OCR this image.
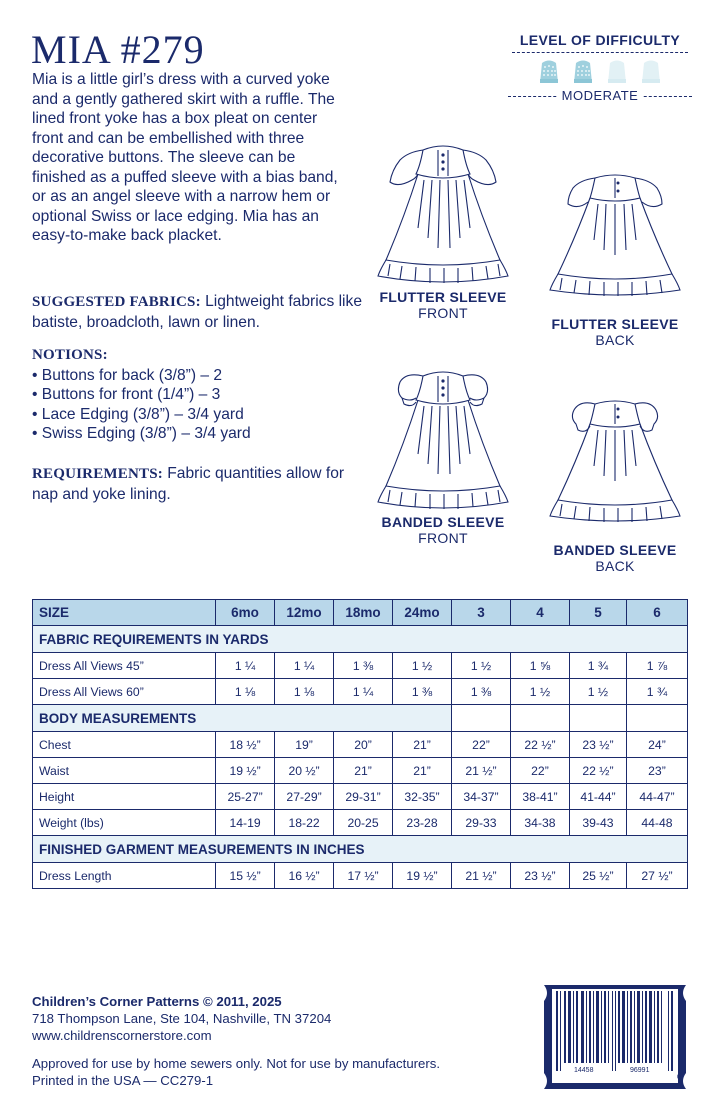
MIA #279

Mia is a little girl’s dress with a curved yoke and a gently gathered skirt with a ruffle. The lined front yoke has a box pleat on center front and can be embellished with three decorative buttons. The sleeve can be finished as a puffed sleeve with a bias band, or as an angel sleeve with a narrow hem or optional Swiss or lace edging. Mia has an easy-to-make back placket.

SUGGESTED FABRICS: Lightweight fabrics like batiste, broadcloth, lawn or linen.

NOTIONS:
• Buttons for back (3/8”) – 2
• Buttons for front (1/4”) – 3
• Lace Edging (3/8”) – 3/4 yard
• Swiss Edging (3/8”) – 3/4 yard

REQUIREMENTS: Fabric quantities allow for nap and yoke lining.

LEVEL OF DIFFICULTY
MODERATE
FLUTTER SLEEVE
FRONT
FLUTTER SLEEVE
BACK
BANDED SLEEVE
FRONT
BANDED SLEEVE
BACK
SIZE	6mo	12mo	18mo	24mo	3	4	5	6
FABRIC REQUIREMENTS IN YARDS								
Dress All Views 45”	1 ¼	1 ¼	1 ⅜	1 ½	1 ½	1 ⅝	1 ¾	1 ⅞
Dress All Views 60”	1 ⅛	1 ⅛	1 ¼	1 ⅜	1 ⅜	1 ½	1 ½	1 ¾
BODY MEASUREMENTS								
Chest	18 ½”	19”	20”	21”	22”	22 ½”	23 ½”	24”
Waist	19 ½”	20 ½”	21”	21”	21 ½”	22”	22 ½”	23”
Height	25-27”	27-29”	29-31”	32-35”	34-37”	38-41”	41-44”	44-47”
Weight (lbs)	14-19	18-22	20-25	23-28	29-33	34-38	39-43	44-48
FINISHED GARMENT MEASUREMENTS IN INCHES								
Dress Length	15 ½”	16 ½”	17 ½”	19 ½”	21 ½”	23 ½”	25 ½”	27 ½”
Children’s Corner Patterns © 2011, 2025
718 Thompson Lane, Ste 104, Nashville, TN 37204
www.childrenscornerstore.com
Approved for use by home sewers only. Not for use by manufacturers.
Printed in the USA — CC279-1	6
14458	96991
0
